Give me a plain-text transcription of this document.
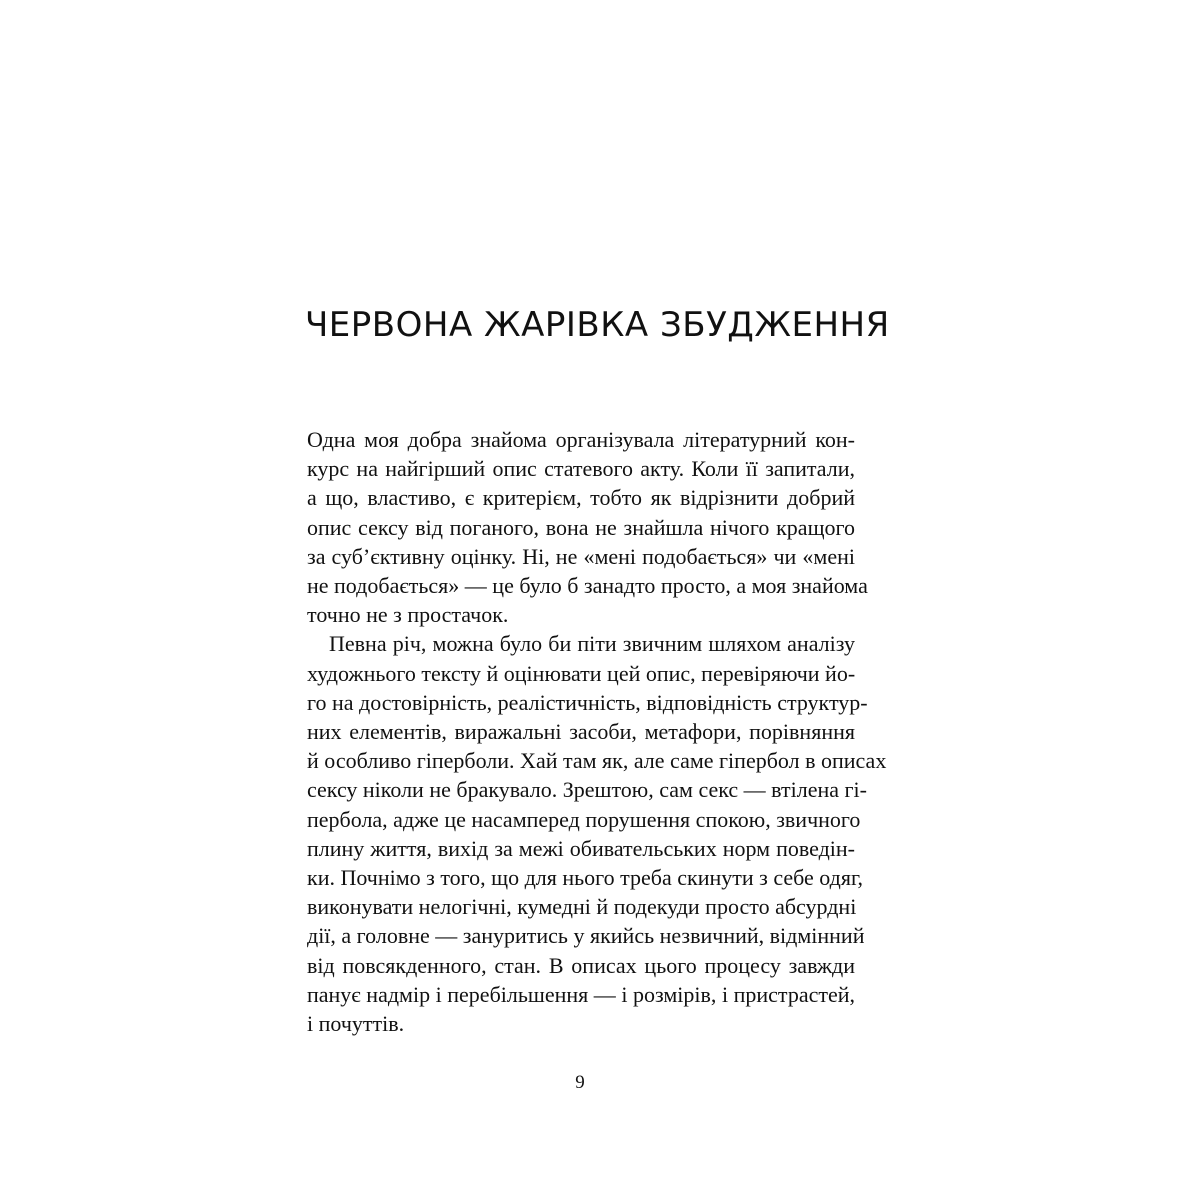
ЧЕРВОНА ЖАРІВКА ЗБУДЖЕННЯ

Одна моя добра знайома організувала літературний кон-
курс на найгірший опис статевого акту. Коли її запитали,
а що, властиво, є критерієм, тобто як відрізнити добрий
опис сексу від поганого, вона не знайшла нічого кращого
за суб’єктивну оцінку. Ні, не «мені подобається» чи «мені
не подобається» — це було б занадто просто, а моя знайома
точно не з простачок.

Певна річ, можна було би піти звичним шляхом аналізу
художнього тексту й оцінювати цей опис, перевіряючи йо-
го на достовірність, реалістичність, відповідність структур-
них елементів, виражальні засоби, метафори, порівняння
й особливо гіперболи. Хай там як, але саме гіпербол в описах
сексу ніколи не бракувало. Зрештою, сам секс — втілена гі-
пербола, адже це насамперед порушення спокою, звичного
плину життя, вихід за межі обивательських норм поведін-
ки. Почнімо з того, що для нього треба скинути з себе одяг,
виконувати нелогічні, кумедні й подекуди просто абсурдні
дії, а головне — зануритись у якийсь незвичний, відмінний
від повсякденного, стан. В описах цього процесу завжди
панує надмір і перебільшення — і розмірів, і пристрастей,
і почуттів.

9
